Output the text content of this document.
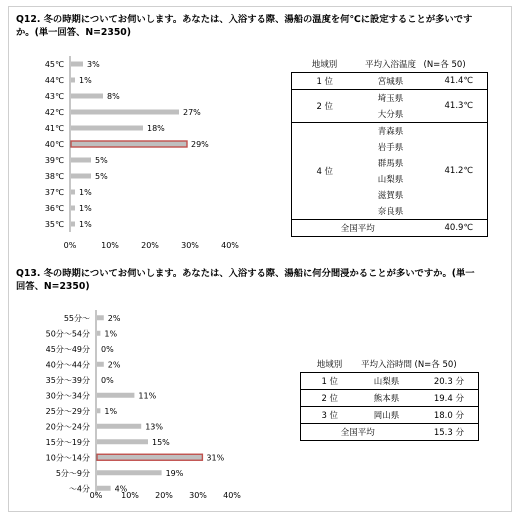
Q12. 冬の時期についてお伺いします。あなたは、入浴する際、湯船の温度を何℃に設定することが多いです
か。(単一回答、N=2350)
45℃	3%
44℃ 1%
43℃	8%
42℃	27%
41℃	18%
40℃	29%
39℃	5%
38℃	5%
37℃ 1%
36℃ 1%
35℃ 1%
0%	10%	20%	30%	40%
地域別	平均入浴温度	(N=各 50)
1 位	宮城県	41.4℃
2 位	埼玉県	41.3℃
	大分県	
4 位	青森県	41.2℃
	岩手県	
	群馬県	
	山梨県	
	滋賀県	
	奈良県	
全国平均		40.9℃
Q13. 冬の時期についてお伺いします。あなたは、入浴する際、湯船に何分間浸かることが多いですか。(単一
回答、N=2350)
55分～ 2%
50分～54分 1%
45分～49分 0%
40分～44分 2%
35分～39分 0%
30分～34分	11%
25分～29分 1%
20分～24分	13%
15分～19分	15%
10分～14分	31%
5分～9分	19%
～4分	4%
0% 10% 20% 30% 40%
地域別	平均入浴時間	(N=各 50)
1 位	山梨県	20.3 分
2 位	熊本県	19.4 分
3 位	岡山県	18.0 分
全国平均		15.3 分
